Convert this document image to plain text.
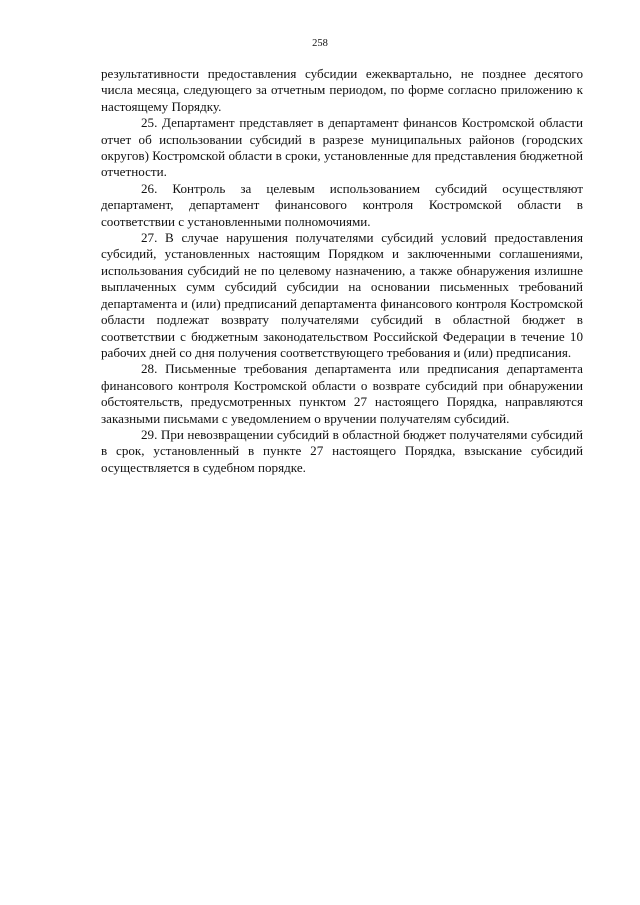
258

результативности предоставления субсидии ежеквартально, не позднее десятого числа месяца, следующего за отчетным периодом, по форме согласно приложению к настоящему Порядку.

25. Департамент представляет в департамент финансов Костромской области отчет об использовании субсидий в разрезе муниципальных районов (городских округов) Костромской области в сроки, установленные для представления бюджетной отчетности.

26. Контроль за целевым использованием субсидий осуществляют департамент, департамент финансового контроля Костромской области в соответствии с установленными полномочиями.

27. В случае нарушения получателями субсидий условий предоставления субсидий, установленных настоящим Порядком и заключенными соглашениями, использования субсидий не по целевому назначению, а также обнаружения излишне выплаченных сумм субсидий субсидии на основании письменных требований департамента и (или) предписаний департамента финансового контроля Костромской области подлежат возврату получателями субсидий в областной бюджет в соответствии с бюджетным законодательством Российской Федерации в течение 10 рабочих дней со дня получения соответствующего требования и (или) предписания.

28. Письменные требования департамента или предписания департамента финансового контроля Костромской области о возврате субсидий при обнаружении обстоятельств, предусмотренных пунктом 27 настоящего Порядка, направляются заказными письмами с уведомлением о вручении получателям субсидий.

29. При невозвращении субсидий в областной бюджет получателями субсидий в срок, установленный в пункте 27 настоящего Порядка, взыскание субсидий осуществляется в судебном порядке.
